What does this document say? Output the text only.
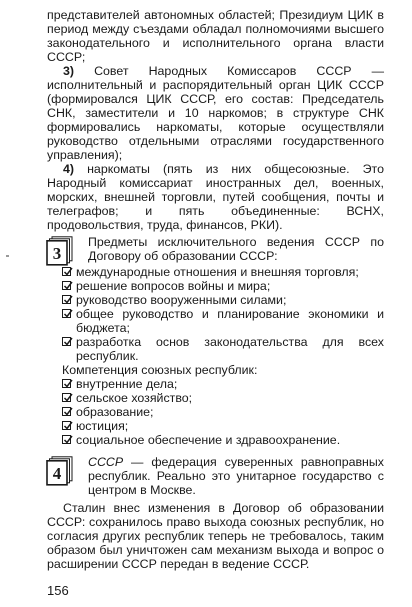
представителей автономных областей; Президиум ЦИК в период между съездами обладал полномочиями высшего законодательного и исполнительного органа власти СССР;

3) Совет Народных Комиссаров СССР — исполнительный и распорядительный орган ЦИК СССР (формировался ЦИК СССР, его состав: Председатель СНК, заместители и 10 наркомов; в структуре СНК формировались наркоматы, которые осуществляли руководство отдельными отраслями государственного управления);

4) наркоматы (пять из них общесоюзные. Это Народный комиссариат иностранных дел, военных, морских, внешней торговли, путей сообщения, почты и телеграфов; и пять объединенные: ВСНХ, продовольствия, труда, финансов, РКИ).

3

Предметы исключительного ведения СССР по Договору об образовании СССР:

международные отношения и внешняя торговля;
решение вопросов войны и мира;
руководство вооруженными силами;
общее руководство и планирование экономики и бюджета;
разработка основ законодательства для всех республик.

Компетенция союзных республик:

внутренние дела;
сельское хозяйство;
образование;
юстиция;
социальное обеспечение и здравоохранение.
4

СССР — федерация суверенных равноправных республик. Реально это унитарное государство с центром в Москве.

Сталин внес изменения в Договор об образовании СССР: сохранилось право выхода союзных республик, но согласия других республик теперь не требовалось, таким образом был уничтожен сам механизм выхода и вопрос о расширении СССР передан в ведение СССР.

156
